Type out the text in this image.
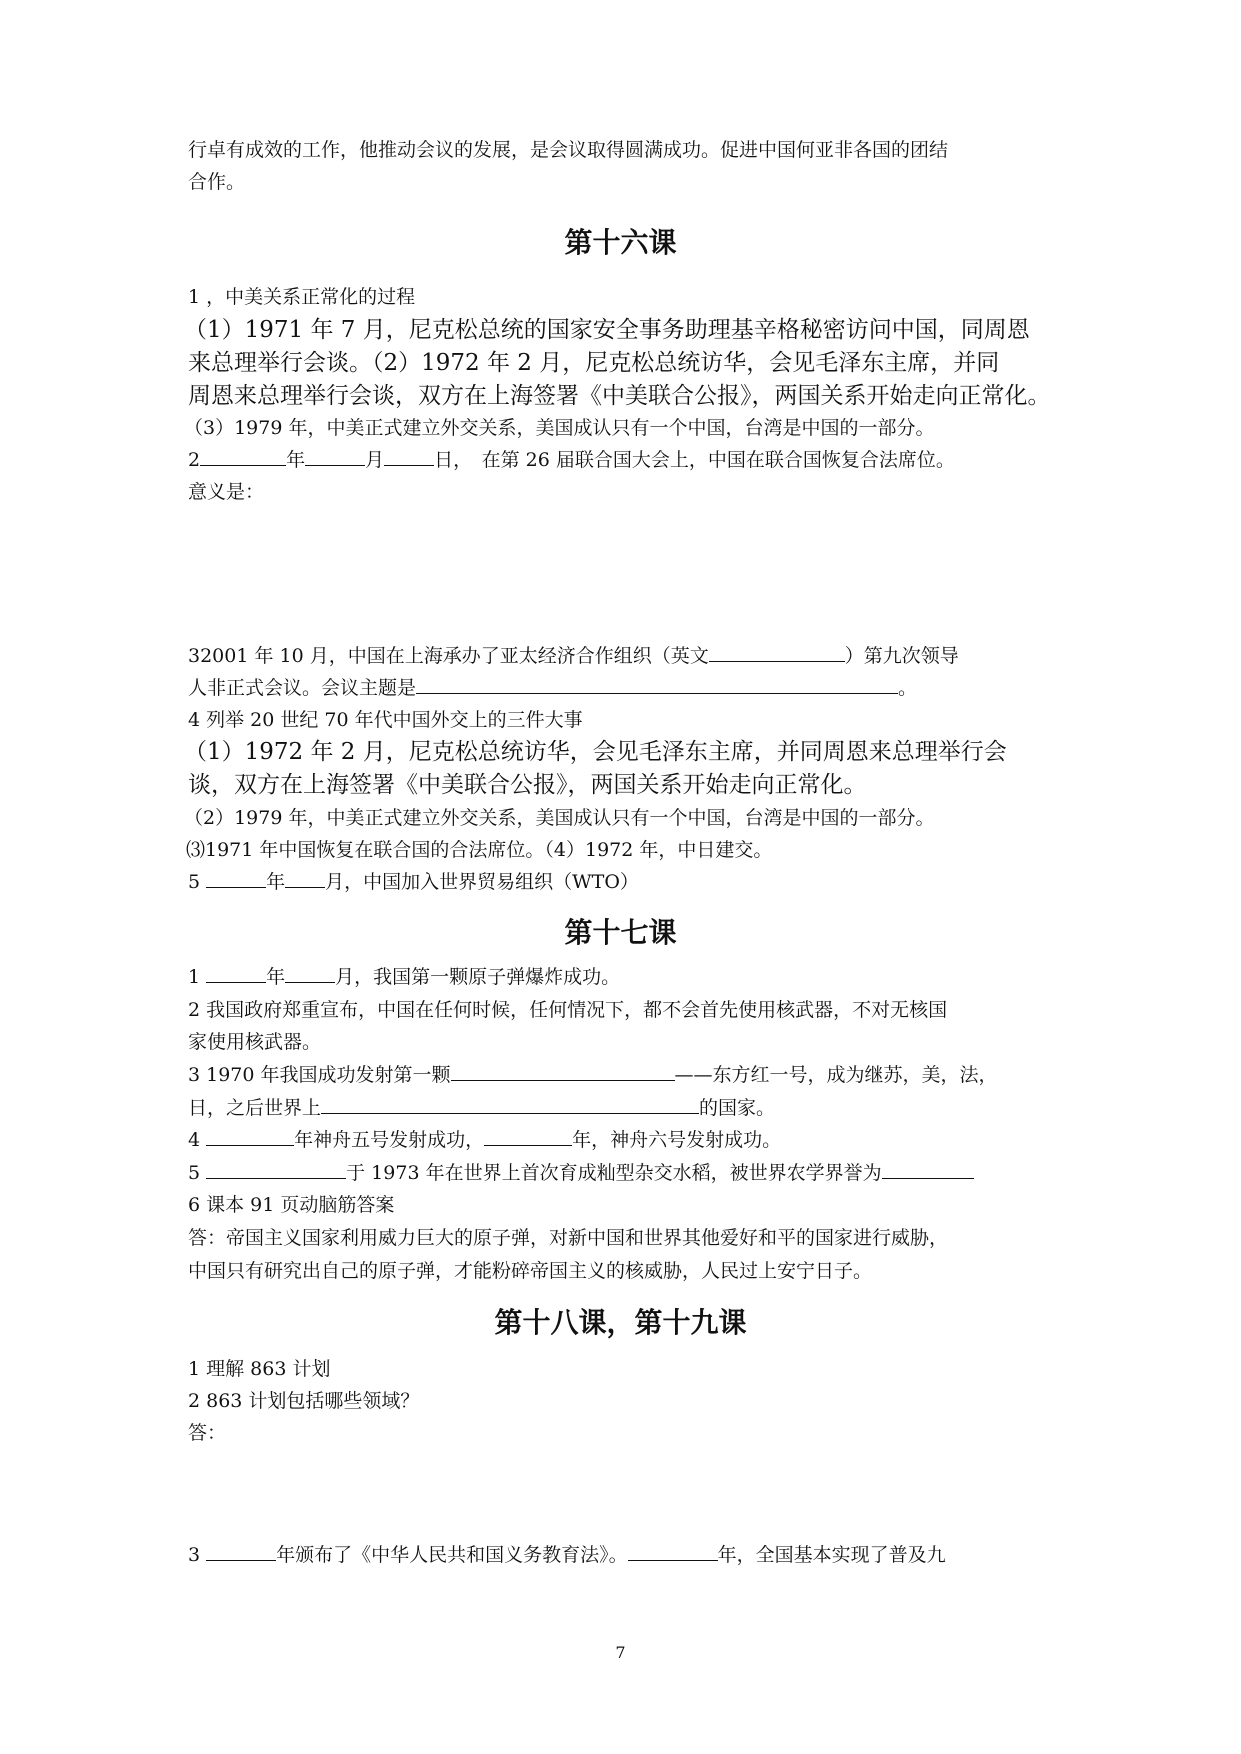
行卓有成效的工作，他推动会议的发展，是会议取得圆满成功。促进中国何亚非各国的团结
合作。
第十六课
1 ，中美关系正常化的过程
（1）1971 年 7 月，尼克松总统的国家安全事务助理基辛格秘密访问中国，同周恩
来总理举行会谈。（2）1972 年 2 月，尼克松总统访华，会见毛泽东主席，并同
周恩来总理举行会谈，双方在上海签署《中美联合公报》，两国关系开始走向正常化。
（3）1979 年，中美正式建立外交关系，美国成认只有一个中国，台湾是中国的一部分。
2	年	月	日，　在第 26 届联合国大会上，中国在联合国恢复合法席位。
意义是：
32001 年 10 月，中国在上海承办了亚太经济合作组织（英文	）第九次领导
人非正式会议。会议主题是	。
4 列举 20 世纪 70 年代中国外交上的三件大事
（1）1972 年 2 月，尼克松总统访华，会见毛泽东主席，并同周恩来总理举行会
谈，双方在上海签署《中美联合公报》，两国关系开始走向正常化。
（2）1979 年，中美正式建立外交关系，美国成认只有一个中国，台湾是中国的一部分。
⑶1971 年中国恢复在联合国的合法席位。（4）1972 年，中日建交。
5	年 月，中国加入世界贸易组织（WTO）
第十七课
1	年	月，我国第一颗原子弹爆炸成功。
2 我国政府郑重宣布，中国在任何时候，任何情况下，都不会首先使用核武器，不对无核国
家使用核武器。
3 1970 年我国成功发射第一颗	——东方红一号，成为继苏，美，法，
日，之后世界上	的国家。
4	年神舟五号发射成功，	年，神舟六号发射成功。
5	于 1973 年在世界上首次育成籼型杂交水稻，被世界农学界誉为
6 课本 91 页动脑筋答案
答：帝国主义国家利用威力巨大的原子弹，对新中国和世界其他爱好和平的国家进行威胁，
中国只有研究出自己的原子弹，才能粉碎帝国主义的核威胁，人民过上安宁日子。
第十八课，第十九课
1 理解 863 计划
2 863 计划包括哪些领域？
答：
3	年颁布了《中华人民共和国义务教育法》。	年，全国基本实现了普及九
7
